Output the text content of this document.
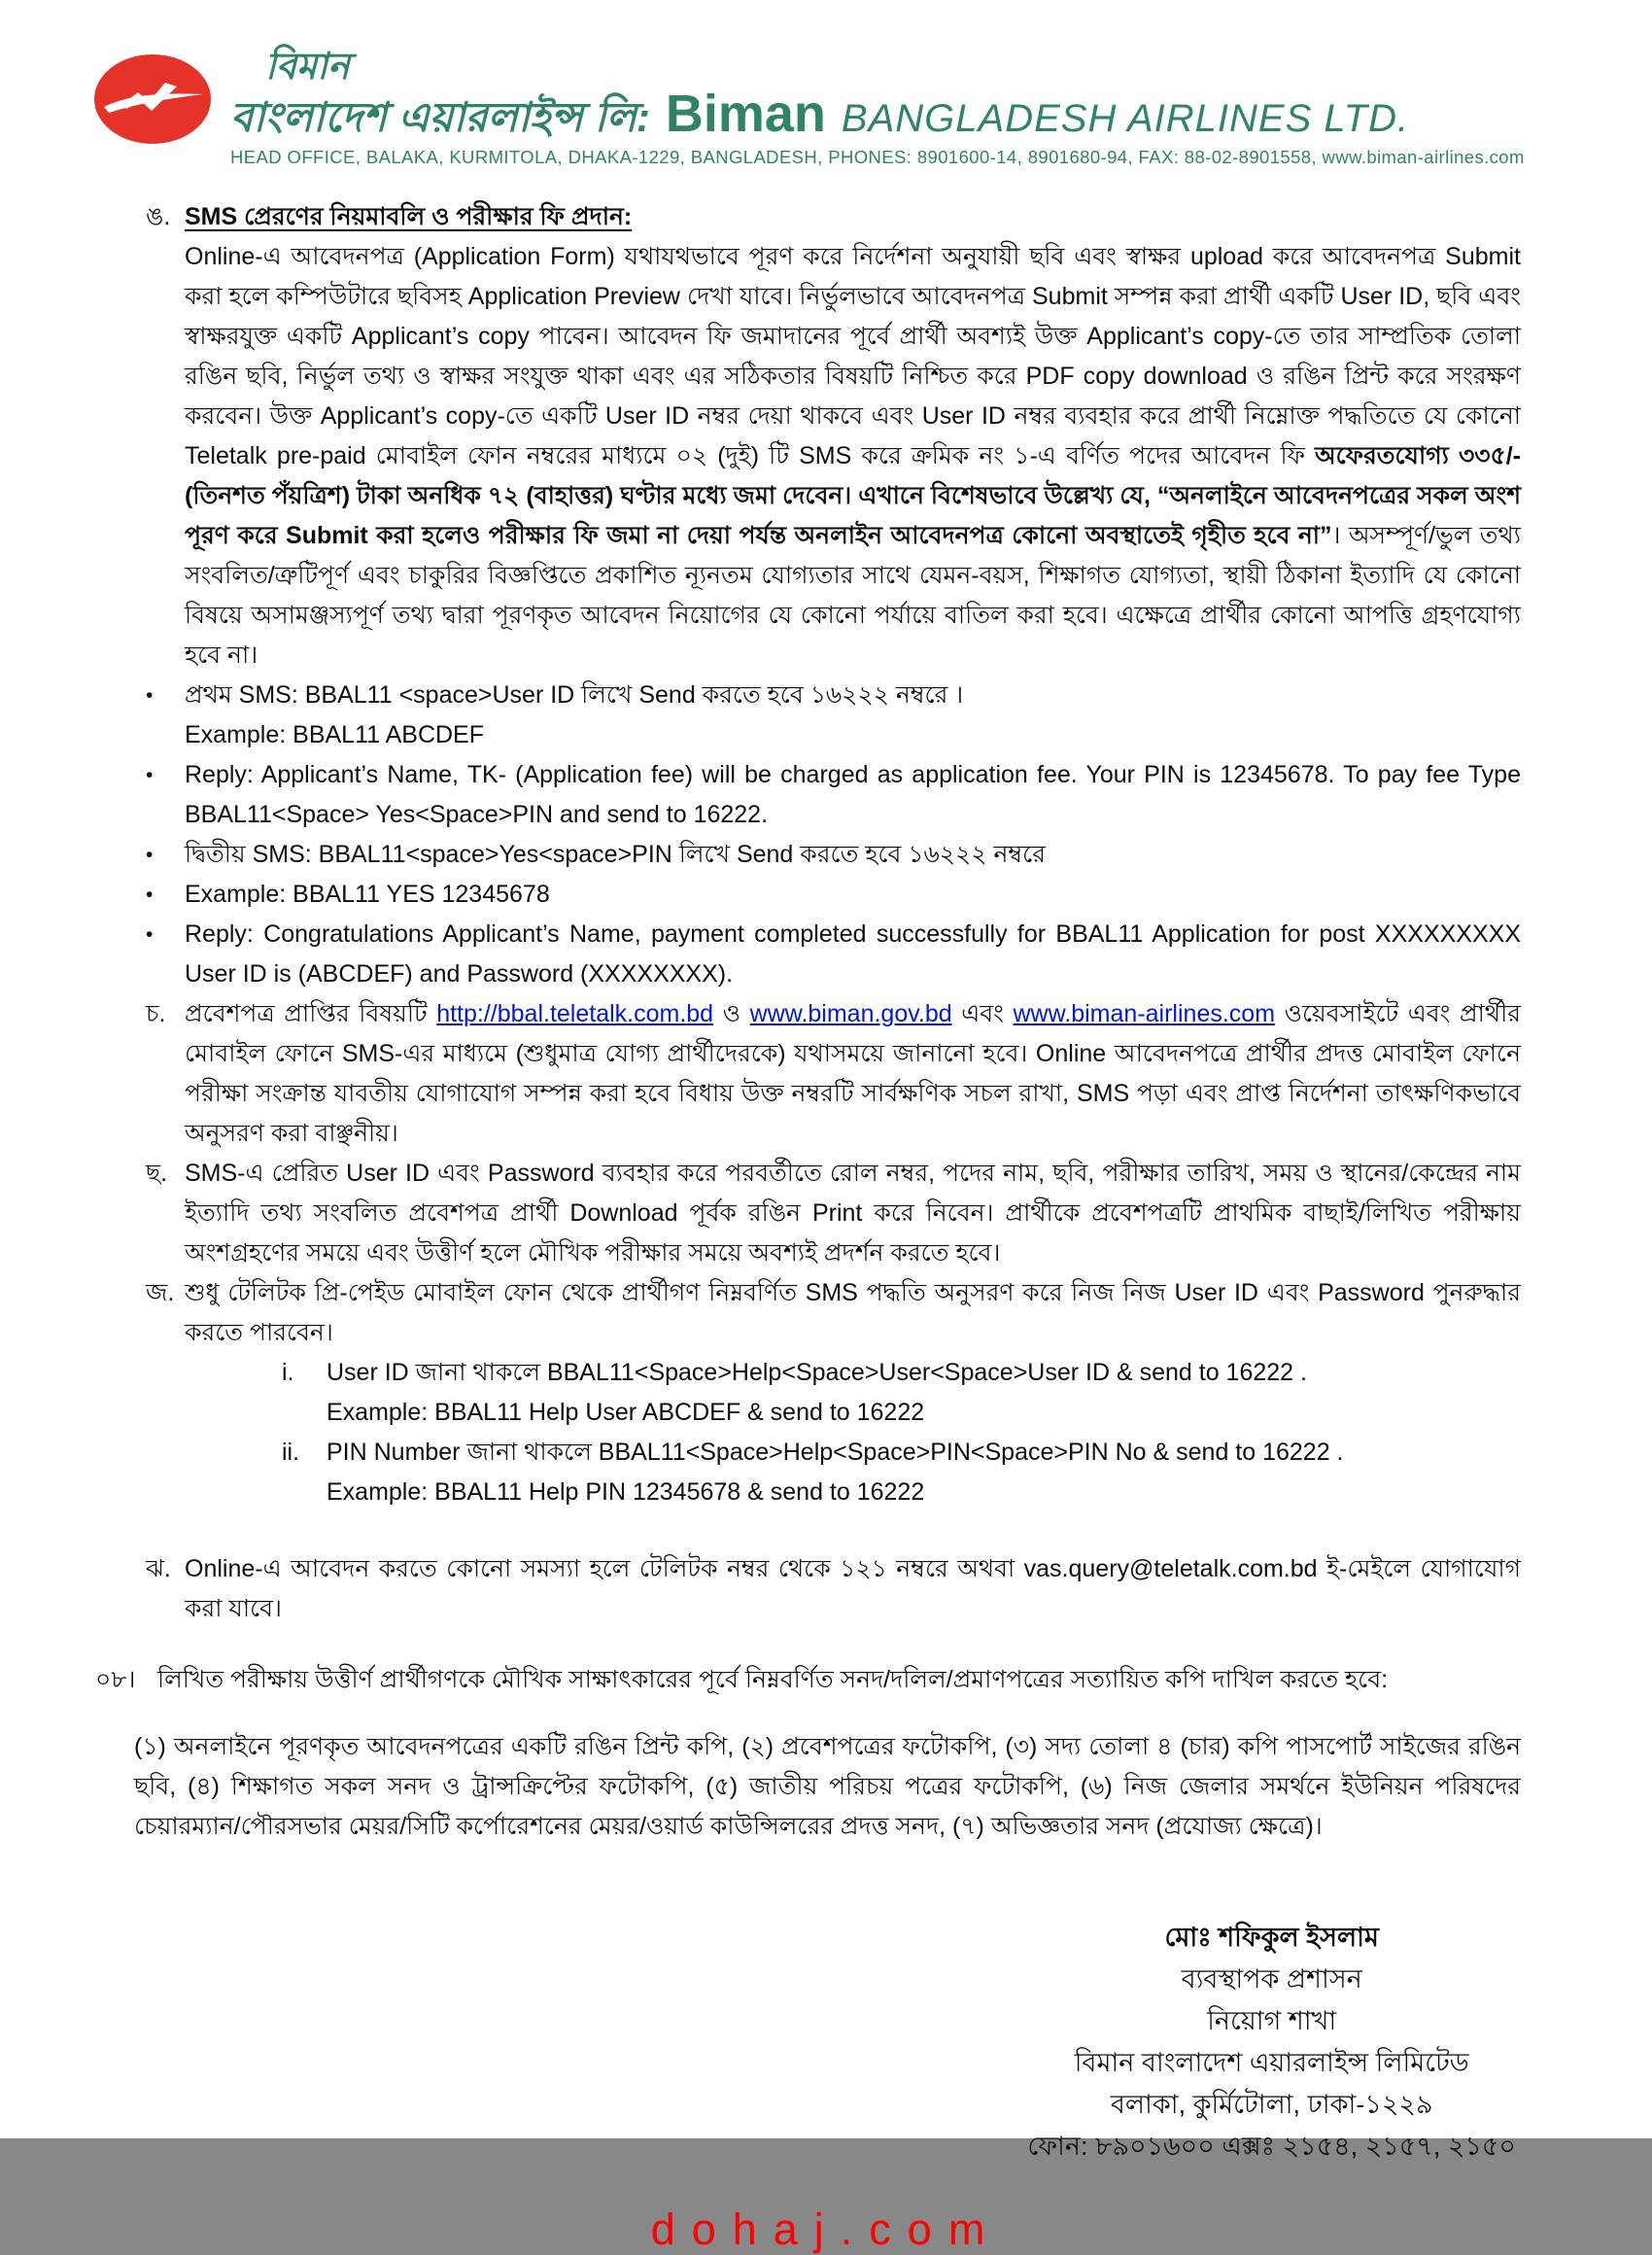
বিমান
বাংলাদেশ এয়ারলাইন্স লি: Biman BANGLADESH AIRLINES LTD.
HEAD OFFICE, BALAKA, KURMITOLA, DHAKA-1229, BANGLADESH, PHONES: 8901600-14, 8901680-94, FAX: 88-02-8901558, www.biman-airlines.com
ঙ. SMS প্রেরণের নিয়মাবলি ও পরীক্ষার ফি প্রদান:
Online-এ আবেদনপত্র (Application Form) যথাযথভাবে পূরণ করে নির্দেশনা অনুযায়ী ছবি এবং স্বাক্ষর upload করে আবেদনপত্র Submit করা হলে কম্পিউটারে ছবিসহ Application Preview দেখা যাবে। নির্ভুলভাবে আবেদনপত্র Submit সম্পন্ন করা প্রার্থী একটি User ID, ছবি এবং স্বাক্ষরযুক্ত একটি Applicant’s copy পাবেন। আবেদন ফি জমাদানের পূর্বে প্রার্থী অবশ্যই উক্ত Applicant’s copy-তে তার সাম্প্রতিক তোলা রঙিন ছবি, নির্ভুল তথ্য ও স্বাক্ষর সংযুক্ত থাকা এবং এর সঠিকতার বিষয়টি নিশ্চিত করে PDF copy download ও রঙিন প্রিন্ট করে সংরক্ষণ করবেন। উক্ত Applicant’s copy-তে একটি User ID নম্বর দেয়া থাকবে এবং User ID নম্বর ব্যবহার করে প্রার্থী নিম্নোক্ত পদ্ধতিতে যে কোনো Teletalk pre-paid মোবাইল ফোন নম্বরের মাধ্যমে ০২ (দুই) টি SMS করে ক্রমিক নং ১-এ বর্ণিত পদের আবেদন ফি অফেরতযোগ্য ৩৩৫/- (তিনশত পঁয়ত্রিশ) টাকা অনধিক ৭২ (বাহাত্তর) ঘণ্টার মধ্যে জমা দেবেন। এখানে বিশেষভাবে উল্লেখ্য যে, “অনলাইনে আবেদনপত্রের সকল অংশ পূরণ করে Submit করা হলেও পরীক্ষার ফি জমা না দেয়া পর্যন্ত অনলাইন আবেদনপত্র কোনো অবস্থাতেই গৃহীত হবে না”। অসম্পূর্ণ/ভুল তথ্য সংবলিত/ত্রুটিপূর্ণ এবং চাকুরির বিজ্ঞপ্তিতে প্রকাশিত ন্যূনতম যোগ্যতার সাথে যেমন-বয়স, শিক্ষাগত যোগ্যতা, স্থায়ী ঠিকানা ইত্যাদি যে কোনো বিষয়ে অসামঞ্জস্যপূর্ণ তথ্য দ্বারা পূরণকৃত আবেদন নিয়োগের যে কোনো পর্যায়ে বাতিল করা হবে। এক্ষেত্রে প্রার্থীর কোনো আপত্তি গ্রহণযোগ্য হবে না।
•	প্রথম SMS: BBAL11 <space>User ID লিখে Send করতে হবে ১৬২২২ নম্বরে ।
Example: BBAL11 ABCDEF
•	Reply: Applicant’s Name, TK- (Application fee) will be charged as application fee. Your PIN is 12345678. To pay fee Type BBAL11<Space> Yes<Space>PIN and send to 16222.
•	দ্বিতীয় SMS: BBAL11<space>Yes<space>PIN লিখে Send করতে হবে ১৬২২২ নম্বরে
•	Example: BBAL11 YES 12345678
•	Reply: Congratulations Applicant’s Name, payment completed successfully for BBAL11 Application for post XXXXXXXXX User ID is (ABCDEF) and Password (XXXXXXXX).
চ. প্রবেশপত্র প্রাপ্তির বিষয়টি http://bbal.teletalk.com.bd ও www.biman.gov.bd এবং www.biman-airlines.com ওয়েবসাইটে এবং প্রার্থীর মোবাইল ফোনে SMS-এর মাধ্যমে (শুধুমাত্র যোগ্য প্রার্থীদেরকে) যথাসময়ে জানানো হবে। Online আবেদনপত্রে প্রার্থীর প্রদত্ত মোবাইল ফোনে পরীক্ষা সংক্রান্ত যাবতীয় যোগাযোগ সম্পন্ন করা হবে বিধায় উক্ত নম্বরটি সার্বক্ষণিক সচল রাখা, SMS পড়া এবং প্রাপ্ত নির্দেশনা তাৎক্ষণিকভাবে অনুসরণ করা বাঞ্ছনীয়।
ছ. SMS-এ প্রেরিত User ID এবং Password ব্যবহার করে পরবর্তীতে রোল নম্বর, পদের নাম, ছবি, পরীক্ষার তারিখ, সময় ও স্থানের/কেন্দ্রের নাম ইত্যাদি তথ্য সংবলিত প্রবেশপত্র প্রার্থী Download পূর্বক রঙিন Print করে নিবেন। প্রার্থীকে প্রবেশপত্রটি প্রাথমিক বাছাই/লিখিত পরীক্ষায় অংশগ্রহণের সময়ে এবং উত্তীর্ণ হলে মৌখিক পরীক্ষার সময়ে অবশ্যই প্রদর্শন করতে হবে।
জ. শুধু টেলিটক প্রি-পেইড মোবাইল ফোন থেকে প্রার্থীগণ নিম্নবর্ণিত SMS পদ্ধতি অনুসরণ করে নিজ নিজ User ID এবং Password পুনরুদ্ধার করতে পারবেন।
i.	User ID জানা থাকলে BBAL11<Space>Help<Space>User<Space>User ID & send to 16222 .
Example: BBAL11 Help User ABCDEF & send to 16222
ii.	PIN Number জানা থাকলে BBAL11<Space>Help<Space>PIN<Space>PIN No & send to 16222 .
Example: BBAL11 Help PIN 12345678 & send to 16222
ঝ. Online-এ আবেদন করতে কোনো সমস্যা হলে টেলিটক নম্বর থেকে ১২১ নম্বরে অথবা vas.query@teletalk.com.bd ই-মেইলে যোগাযোগ করা যাবে।
০৮। লিখিত পরীক্ষায় উত্তীর্ণ প্রার্থীগণকে মৌখিক সাক্ষাৎকারের পূর্বে নিম্নবর্ণিত সনদ/দলিল/প্রমাণপত্রের সত্যায়িত কপি দাখিল করতে হবে:
(১) অনলাইনে পূরণকৃত আবেদনপত্রের একটি রঙিন প্রিন্ট কপি, (২) প্রবেশপত্রের ফটোকপি, (৩) সদ্য তোলা ৪ (চার) কপি পাসপোর্ট সাইজের রঙিন ছবি, (৪) শিক্ষাগত সকল সনদ ও ট্রান্সক্রিপ্টের ফটোকপি, (৫) জাতীয় পরিচয় পত্রের ফটোকপি, (৬) নিজ জেলার সমর্থনে ইউনিয়ন পরিষদের চেয়ারম্যান/পৌরসভার মেয়র/সিটি কর্পোরেশনের মেয়র/ওয়ার্ড কাউন্সিলরের প্রদত্ত সনদ, (৭) অভিজ্ঞতার সনদ (প্রযোজ্য ক্ষেত্রে)।
মোঃ শফিকুল ইসলাম
ব্যবস্থাপক প্রশাসন
নিয়োগ শাখা
বিমান বাংলাদেশ এয়ারলাইন্স লিমিটেড
বলাকা, কুর্মিটোলা, ঢাকা-১২২৯
ফোন: ৮৯০১৬০০ এক্সঃ ২১৫৪, ২১৫৭, ২১৫০
dohaj.com
